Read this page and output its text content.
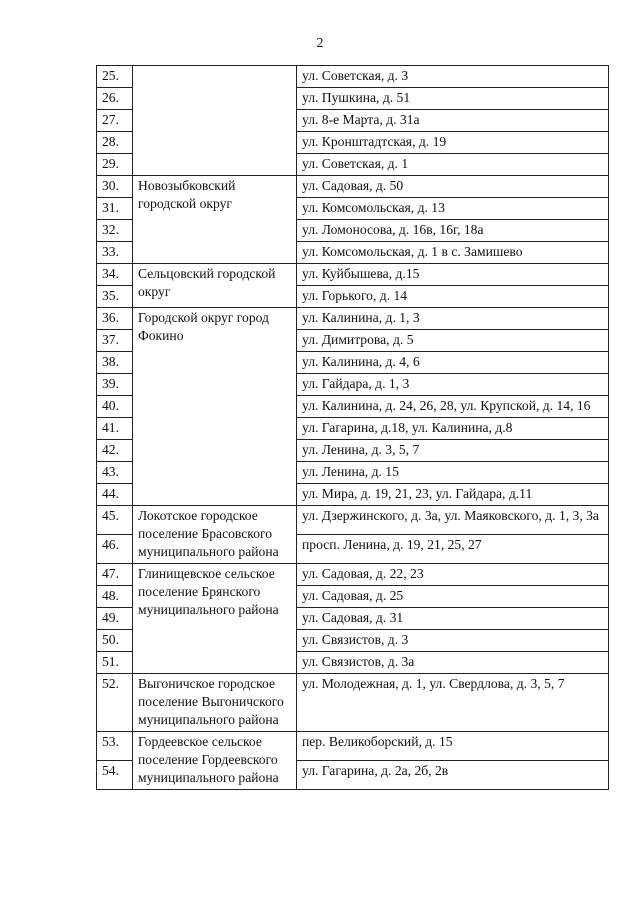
2
25.		ул. Советская, д. 3
26.		ул. Пушкина, д. 51
27.		ул. 8-е Марта, д. 31а
28.		ул. Кронштадтская, д. 19
29.		ул. Советская, д. 1
30.	Новозыбковский городской округ	ул. Садовая, д. 50
31.		ул. Комсомольская, д. 13
32.		ул. Ломоносова, д. 16в, 16г, 18а
33.		ул. Комсомольская, д. 1 в с. Замишево
34.	Сельцовский городской округ	ул. Куйбышева, д.15
35.		ул. Горького, д. 14
36.	Городской округ город Фокино	ул. Калинина, д. 1, 3
37.		ул. Димитрова, д. 5
38.		ул. Калинина, д. 4, 6
39.		ул. Гайдара, д. 1, 3
40.		ул. Калинина, д. 24, 26, 28, ул. Крупской, д. 14, 16
41.		ул. Гагарина, д.18, ул. Калинина, д.8
42.		ул. Ленина, д. 3, 5, 7
43.		ул. Ленина, д. 15
44.		ул. Мира, д. 19, 21, 23, ул. Гайдара, д.11
45.	Локотское городское поселение Брасовского муниципального района	ул. Дзержинского, д. 3а, ул. Маяковского, д. 1, 3, 3а
46.		просп. Ленина, д. 19, 21, 25, 27
47.	Глинищевское сельское поселение Брянского муниципального района	ул. Садовая, д. 22, 23
48.		ул. Садовая, д. 25
49.		ул. Садовая, д. 31
50.		ул. Связистов, д. 3
51.		ул. Связистов, д. 3а
52.	Выгоничское городское поселение Выгоничского муниципального района	ул. Молодежная, д. 1, ул. Свердлова, д. 3, 5, 7
53.	Гордеевское сельское поселение Гордеевского муниципального района	пер. Великоборский, д. 15
54.		ул. Гагарина, д. 2а, 2б, 2в
